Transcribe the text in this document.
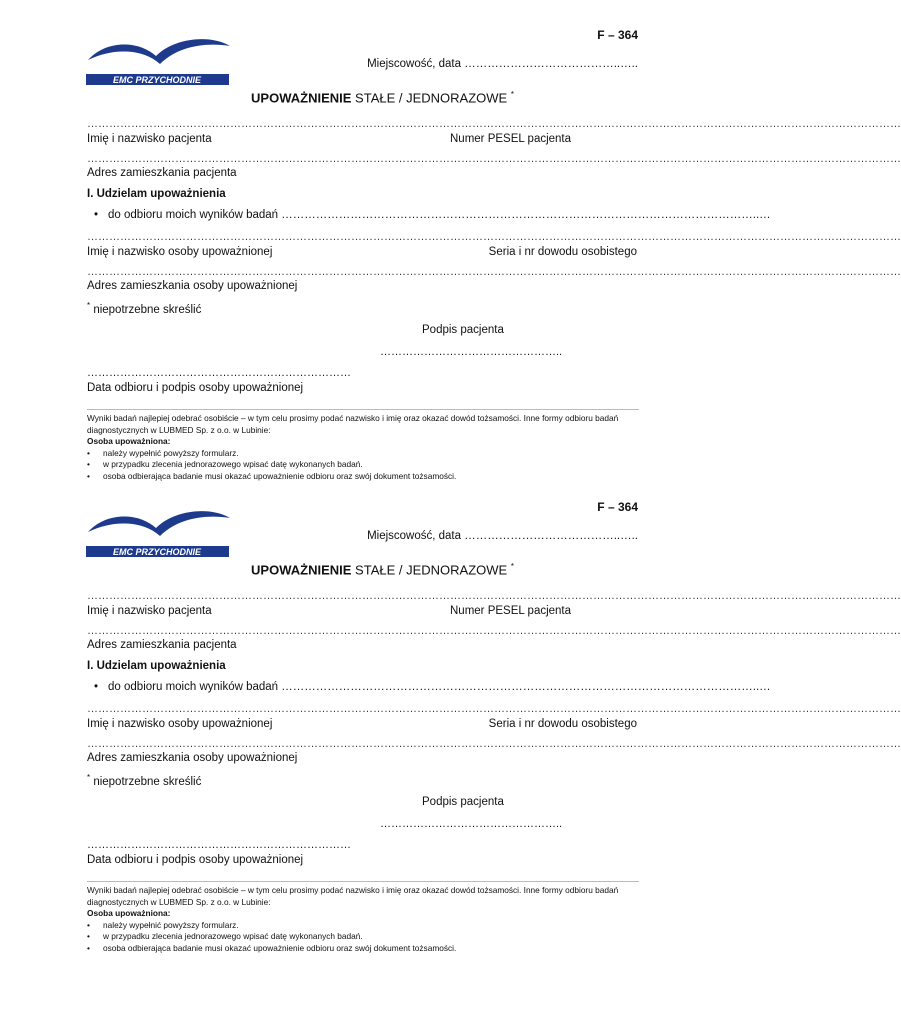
F – 364
EMC PRZYCHODNIE
Miejscowość, data …………………………………..…..
UPOWAŻNIENIE STAŁE / JEDNORAZOWE *
……………………………………………………………………………………………………………………………………………………………………………………………………
Imię i nazwisko pacjenta	Numer PESEL pacjenta
……………………………………………………………………………………………………………………………………………………………………………………………………
Adres zamieszkania pacjenta
I. Udzielam upoważnienia
• do odbioru moich wyników badań ……………………………………………………………………………………………………………..…
……………………………………………………………………………………………………………………………………………………………………………………………………
Imię i nazwisko osoby upoważnionej	Seria i nr dowodu osobistego
……………………………………………………………………………………………………………………………………………………………………………………………………
Adres zamieszkania osoby upoważnionej
* niepotrzebne skreślić
Podpis pacjenta
…………………………………………..
………………………………………………………………
Data odbioru i podpis osoby upoważnionej
Wyniki badań najlepiej odebrać osobiście – w tym celu prosimy podać nazwisko i imię oraz okazać dowód tożsamości. Inne formy odbioru badań diagnostycznych w LUBMED Sp. z o.o. w Lubinie:
Osoba upoważniona:
• należy wypełnić powyższy formularz.
• w przypadku zlecenia jednorazowego wpisać datę wykonanych badań.
• osoba odbierająca badanie musi okazać upoważnienie odbioru oraz swój dokument tożsamości.
F – 364
EMC PRZYCHODNIE
Miejscowość, data …………………………………..…..
UPOWAŻNIENIE STAŁE / JEDNORAZOWE *
……………………………………………………………………………………………………………………………………………………………………………………………………
Imię i nazwisko pacjenta	Numer PESEL pacjenta
……………………………………………………………………………………………………………………………………………………………………………………………………
Adres zamieszkania pacjenta
I. Udzielam upoważnienia
• do odbioru moich wyników badań ……………………………………………………………………………………………………………..…
……………………………………………………………………………………………………………………………………………………………………………………………………
Imię i nazwisko osoby upoważnionej	Seria i nr dowodu osobistego
……………………………………………………………………………………………………………………………………………………………………………………………………
Adres zamieszkania osoby upoważnionej
* niepotrzebne skreślić
Podpis pacjenta
…………………………………………..
………………………………………………………………
Data odbioru i podpis osoby upoważnionej
Wyniki badań najlepiej odebrać osobiście – w tym celu prosimy podać nazwisko i imię oraz okazać dowód tożsamości. Inne formy odbioru badań diagnostycznych w LUBMED Sp. z o.o. w Lubinie:
Osoba upoważniona:
• należy wypełnić powyższy formularz.
• w przypadku zlecenia jednorazowego wpisać datę wykonanych badań.
• osoba odbierająca badanie musi okazać upoważnienie odbioru oraz swój dokument tożsamości.
